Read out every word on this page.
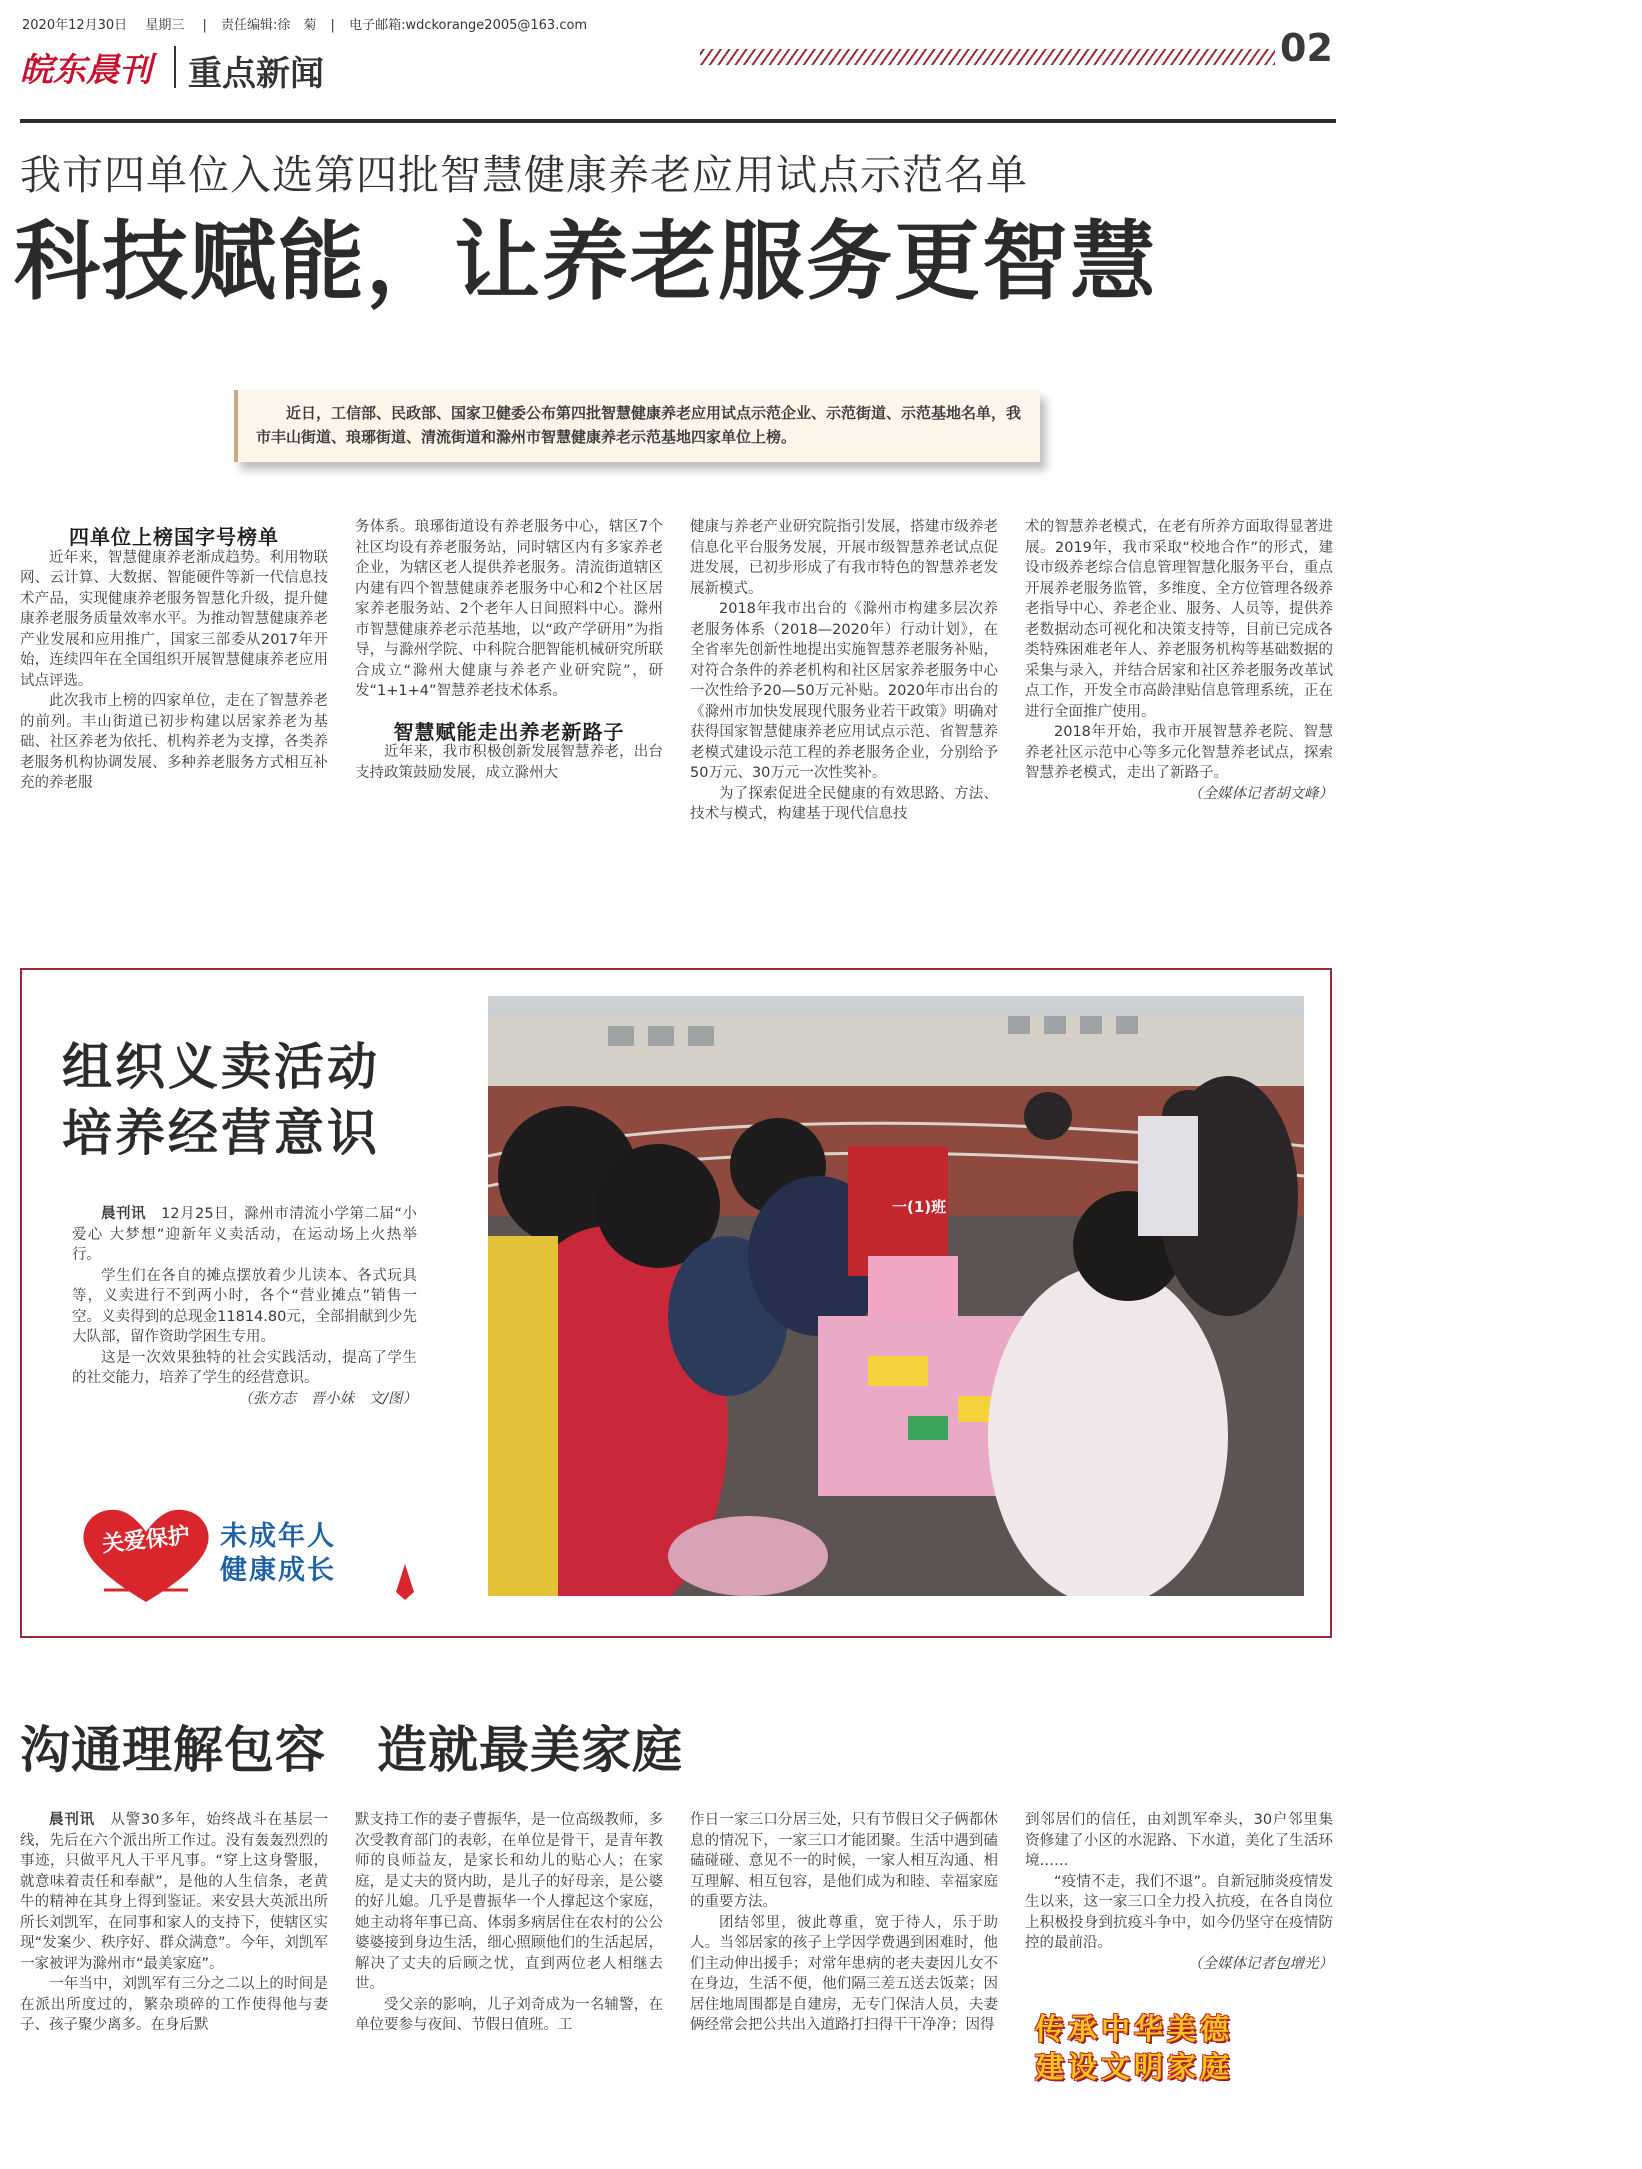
2020年12月30日 星期三 | 责任编辑:徐　菊 | 电子邮箱:wdckorange2005@163.com
皖东晨刊 重点新闻
02
我市四单位入选第四批智慧健康养老应用试点示范名单
科技赋能，让养老服务更智慧
近日，工信部、民政部、国家卫健委公布第四批智慧健康养老应用试点示范企业、示范街道、示范基地名单，我市丰山街道、琅琊街道、清流街道和滁州市智慧健康养老示范基地四家单位上榜。

四单位上榜国字号榜单

近年来，智慧健康养老渐成趋势。利用物联网、云计算、大数据、智能硬件等新一代信息技术产品，实现健康养老服务智慧化升级，提升健康养老服务质量效率水平。为推动智慧健康养老产业发展和应用推广，国家三部委从2017年开始，连续四年在全国组织开展智慧健康养老应用试点评选。

此次我市上榜的四家单位，走在了智慧养老的前列。丰山街道已初步构建以居家养老为基础、社区养老为依托、机构养老为支撑，各类养老服务机构协调发展、多种养老服务方式相互补充的养老服

务体系。琅琊街道设有养老服务中心，辖区7个社区均设有养老服务站，同时辖区内有多家养老企业，为辖区老人提供养老服务。清流街道辖区内建有四个智慧健康养老服务中心和2个社区居家养老服务站、2个老年人日间照料中心。滁州市智慧健康养老示范基地，以“政产学研用”为指导，与滁州学院、中科院合肥智能机械研究所联合成立“滁州大健康与养老产业研究院”，研发“1+1+4”智慧养老技术体系。

智慧赋能走出养老新路子

近年来，我市积极创新发展智慧养老，出台支持政策鼓励发展，成立滁州大

健康与养老产业研究院指引发展，搭建市级养老信息化平台服务发展，开展市级智慧养老试点促进发展，已初步形成了有我市特色的智慧养老发展新模式。

2018年我市出台的《滁州市构建多层次养老服务体系（2018—2020年）行动计划》，在全省率先创新性地提出实施智慧养老服务补贴，对符合条件的养老机构和社区居家养老服务中心一次性给予20—50万元补贴。2020年市出台的《滁州市加快发展现代服务业若干政策》明确对获得国家智慧健康养老应用试点示范、省智慧养老模式建设示范工程的养老服务企业，分别给予50万元、30万元一次性奖补。

为了探索促进全民健康的有效思路、方法、技术与模式，构建基于现代信息技

术的智慧养老模式，在老有所养方面取得显著进展。2019年，我市采取“校地合作”的形式，建设市级养老综合信息管理智慧化服务平台，重点开展养老服务监管，多维度、全方位管理各级养老指导中心、养老企业、服务、人员等，提供养老数据动态可视化和决策支持等，目前已完成各类特殊困难老年人、养老服务机构等基础数据的采集与录入，并结合居家和社区养老服务改革试点工作，开发全市高龄津贴信息管理系统，正在进行全面推广使用。

2018年开始，我市开展智慧养老院、智慧养老社区示范中心等多元化智慧养老试点，探索智慧养老模式，走出了新路子。

（全媒体记者胡文峰）

组织义卖活动
培养经营意识

晨刊讯　 12月25日，滁州市清流小学第二届“小爱心 大梦想”迎新年义卖活动，在运动场上火热举行。

学生们在各自的摊点摆放着少儿读本、各式玩具等，义卖进行不到两小时，各个“营业摊点”销售一空。义卖得到的总现金11814.80元，全部捐献到少先大队部，留作资助学困生专用。

这是一次效果独特的社会实践活动，提高了学生的社交能力，培养了学生的经营意识。

（张方志　晋小妹　文/图）

关爱保护 未成年人
健康成长
一(1)班
沟通理解包容　造就最美家庭

晨刊讯　 从警30多年，始终战斗在基层一线，先后在六个派出所工作过。没有轰轰烈烈的事迹，只做平凡人干平凡事。“穿上这身警服，就意味着责任和奉献”，是他的人生信条，老黄牛的精神在其身上得到鉴证。来安县大英派出所所长刘凯军，在同事和家人的支持下，使辖区实现“发案少、秩序好、群众满意”。今年，刘凯军一家被评为滁州市“最美家庭”。

一年当中，刘凯军有三分之二以上的时间是在派出所度过的，繁杂琐碎的工作使得他与妻子、孩子聚少离多。在身后默

默支持工作的妻子曹振华，是一位高级教师，多次受教育部门的表彰，在单位是骨干，是青年教师的良师益友，是家长和幼儿的贴心人；在家庭，是丈夫的贤内助，是儿子的好母亲，是公婆的好儿媳。几乎是曹振华一个人撑起这个家庭，她主动将年事已高、体弱多病居住在农村的公公婆婆接到身边生活，细心照顾他们的生活起居，解决了丈夫的后顾之忧，直到两位老人相继去世。

受父亲的影响，儿子刘奇成为一名辅警，在单位要参与夜间、节假日值班。工

作日一家三口分居三处，只有节假日父子俩都休息的情况下，一家三口才能团聚。生活中遇到磕磕碰碰、意见不一的时候，一家人相互沟通、相互理解、相互包容，是他们成为和睦、幸福家庭的重要方法。

团结邻里，彼此尊重，宽于待人，乐于助人。当邻居家的孩子上学因学费遇到困难时，他们主动伸出援手；对常年患病的老夫妻因儿女不在身边，生活不便，他们隔三差五送去饭菜；因居住地周围都是自建房，无专门保洁人员，夫妻俩经常会把公共出入道路打扫得干干净净；因得

到邻居们的信任，由刘凯军牵头，30户邻里集资修建了小区的水泥路、下水道，美化了生活环境……

“疫情不走，我们不退”。自新冠肺炎疫情发生以来，这一家三口全力投入抗疫，在各自岗位上积极投身到抗疫斗争中，如今仍坚守在疫情防控的最前沿。

（全媒体记者包增光）

传承中华美德
建设文明家庭
